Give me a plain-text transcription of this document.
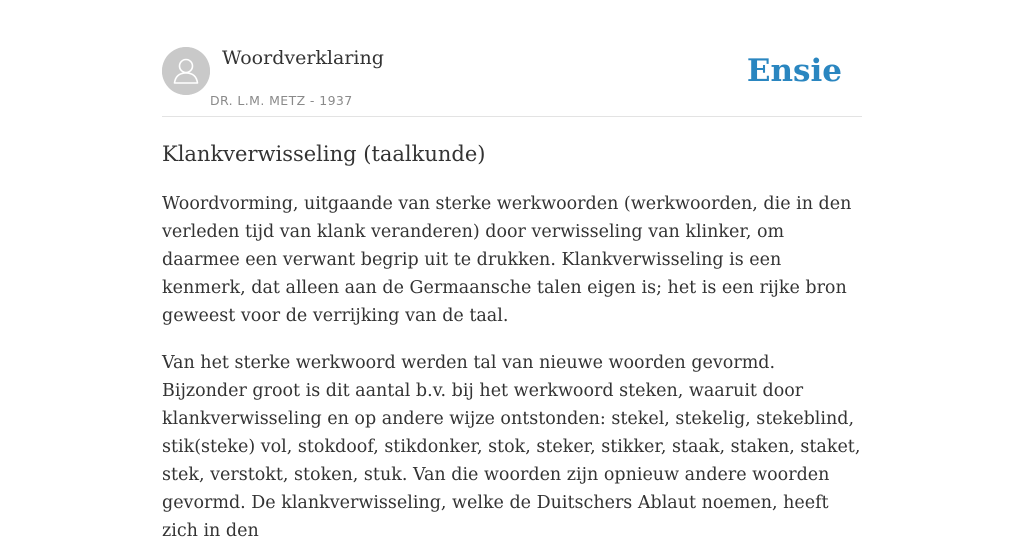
Woordverklaring
DR. L.M. METZ - 1937
Ensie
Klankverwisseling (taalkunde)

Woordvorming, uitgaande van sterke werkwoorden (werkwoorden, die in den verleden tijd van klank veranderen) door verwisseling van klinker, om daarmee een verwant begrip uit te drukken. Klankverwisseling is een kenmerk, dat alleen aan de Germaansche talen eigen is; het is een rijke bron geweest voor de verrijking van de taal.

Van het sterke werkwoord werden tal van nieuwe woorden gevormd. Bijzonder groot is dit aantal b.v. bij het werkwoord steken, waaruit door klankverwisseling en op andere wijze ontstonden: stekel, stekelig, stekeblind, stik(steke) vol, stokdoof, stikdonker, stok, steker, stikker, staak, staken, staket, stek, verstokt, stoken, stuk. Van die woorden zijn opnieuw andere woorden gevormd. De klankverwisseling, welke de Duitschers Ablaut noemen, heeft zich in den
